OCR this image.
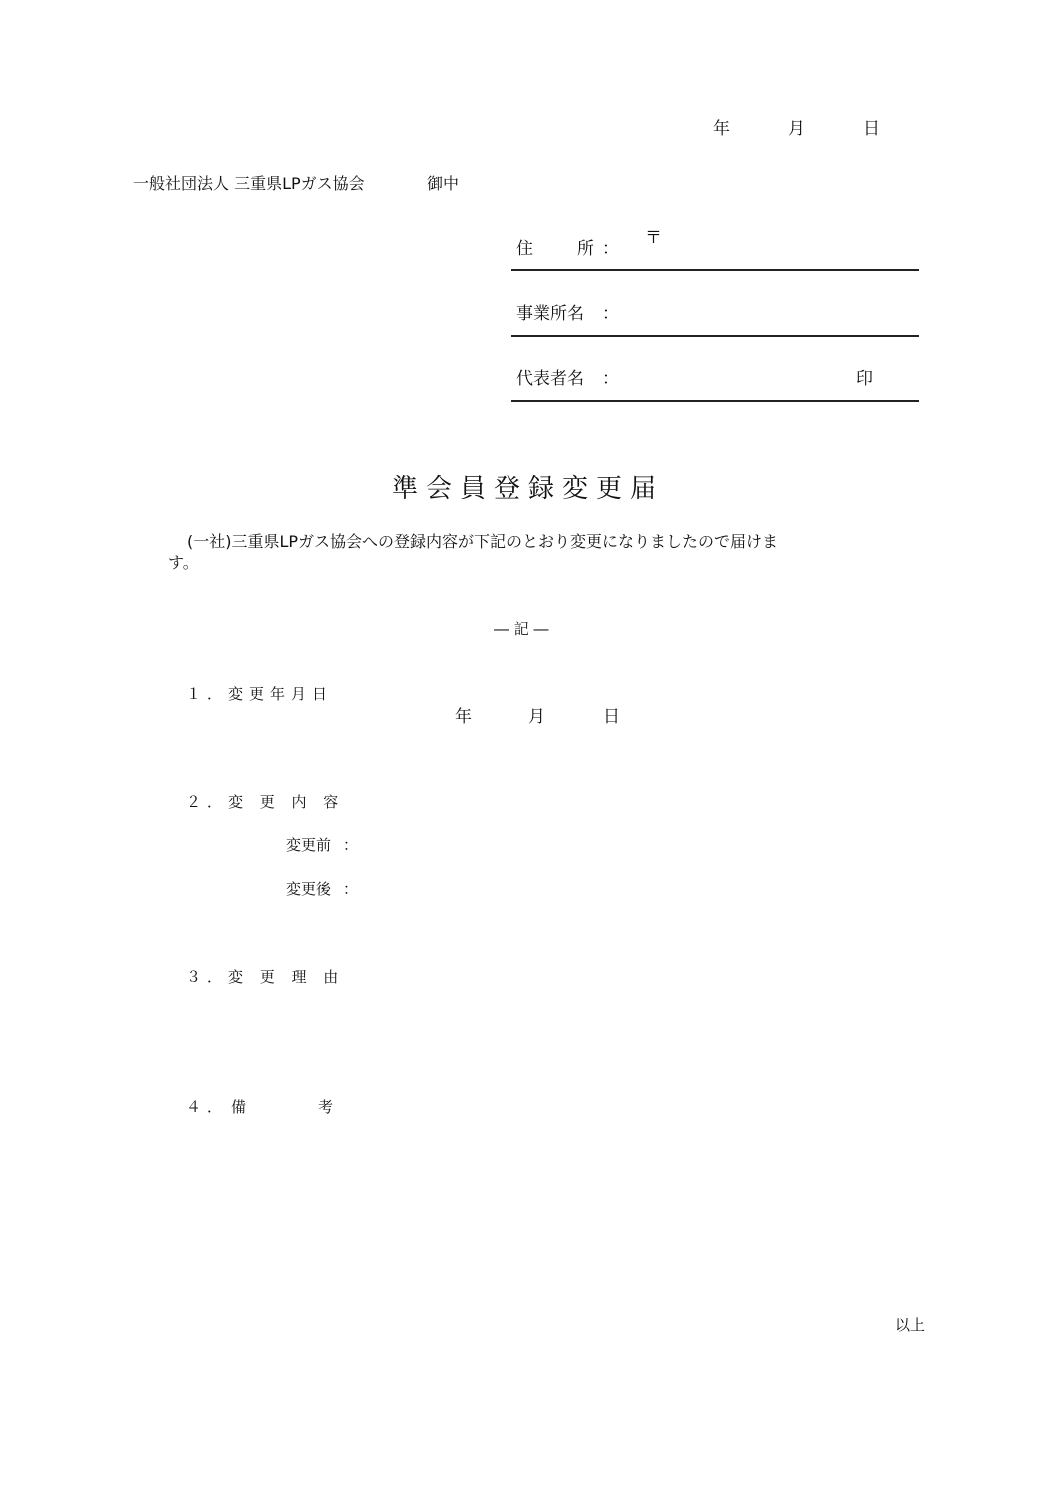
年	月	日
一般社団法人 三重県LPガス協会	御中
住	所 ：
〒
事業所名 ：
代表者名 ：	印
準会員登録変更届
(一社)三重県LPガス協会への登録内容が下記のとおり変更になりましたので届けま
す。
― 記 ―
１．変更年月日
年	月	日
２．変 更 内 容
変更前 ：
変更後 ：
３．変 更 理 由
４． 備	考
以上
